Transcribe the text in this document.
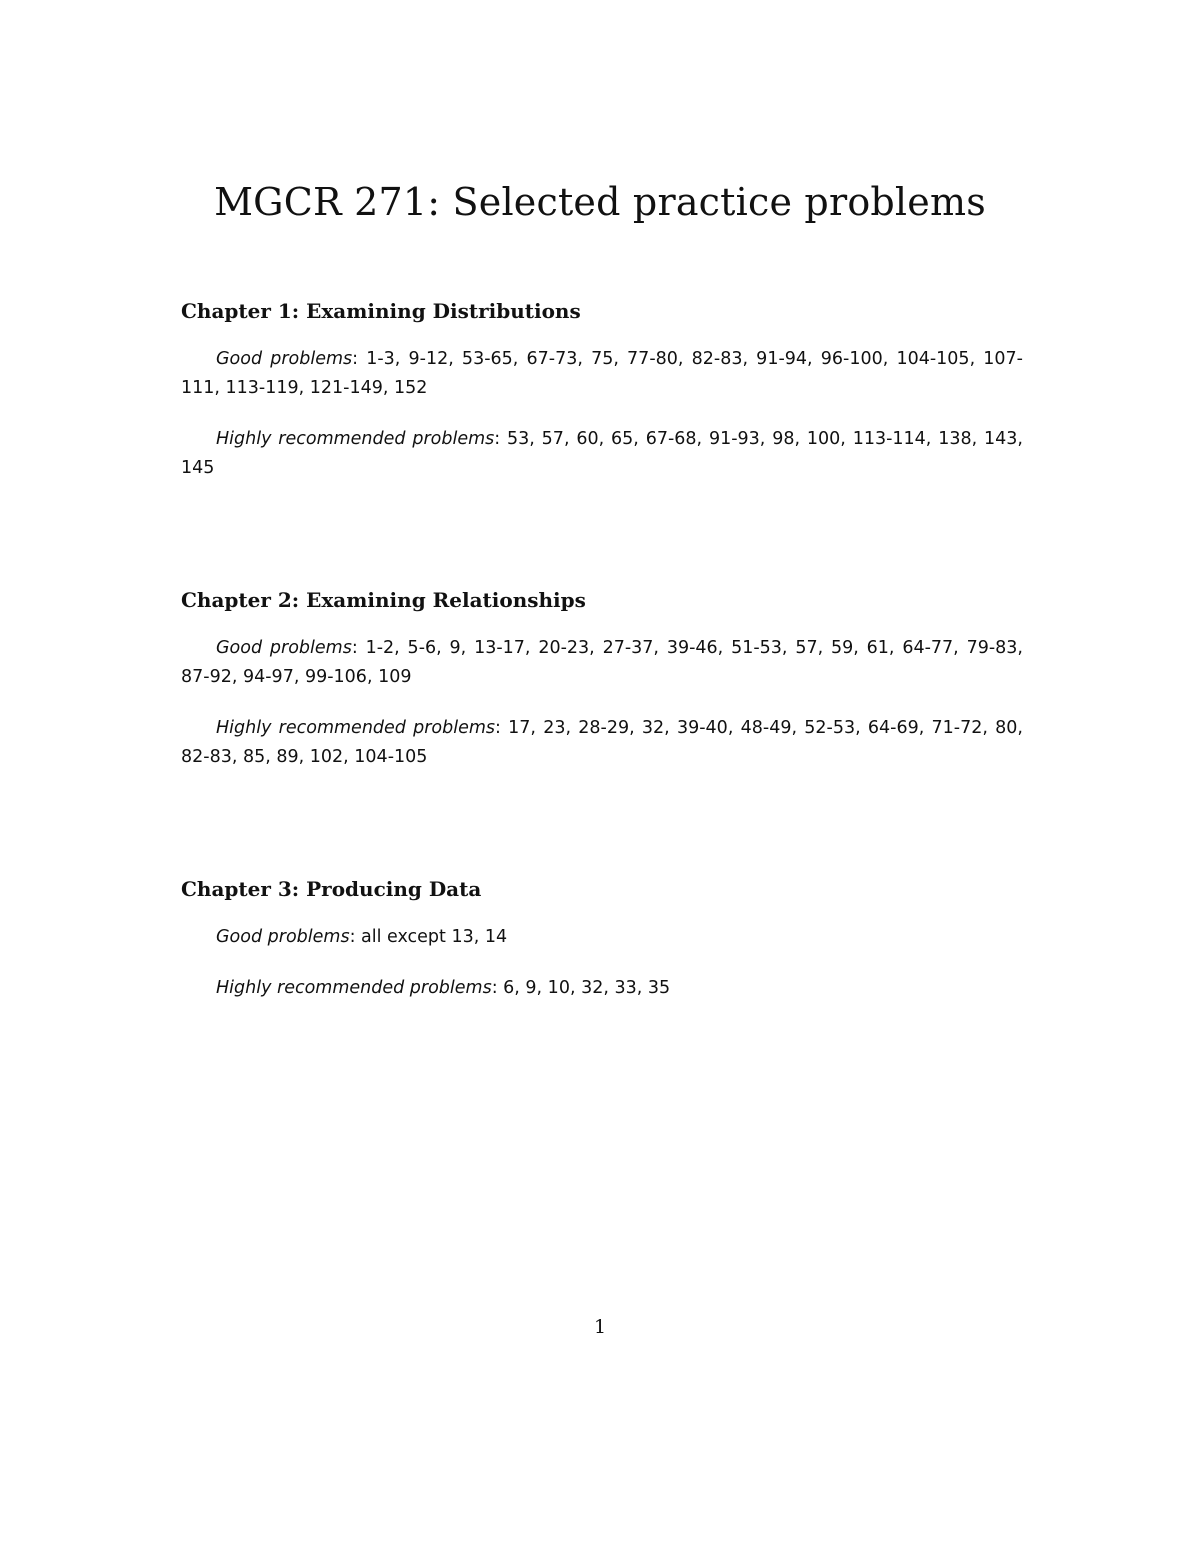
MGCR 271: Selected practice problems
Chapter 1: Examining Distributions

Good problems: 1-3, 9-12, 53-65, 67-73, 75, 77-80, 82-83, 91-94, 96-100, 104-105, 107-111, 113-119, 121-149, 152

Highly recommended problems: 53, 57, 60, 65, 67-68, 91-93, 98, 100, 113-114, 138, 143, 145

Chapter 2: Examining Relationships

Good problems: 1-2, 5-6, 9, 13-17, 20-23, 27-37, 39-46, 51-53, 57, 59, 61, 64-77, 79-83, 87-92, 94-97, 99-106, 109

Highly recommended problems: 17, 23, 28-29, 32, 39-40, 48-49, 52-53, 64-69, 71-72, 80, 82-83, 85, 89, 102, 104-105

Chapter 3: Producing Data

Good problems: all except 13, 14

Highly recommended problems: 6, 9, 10, 32, 33, 35

1
